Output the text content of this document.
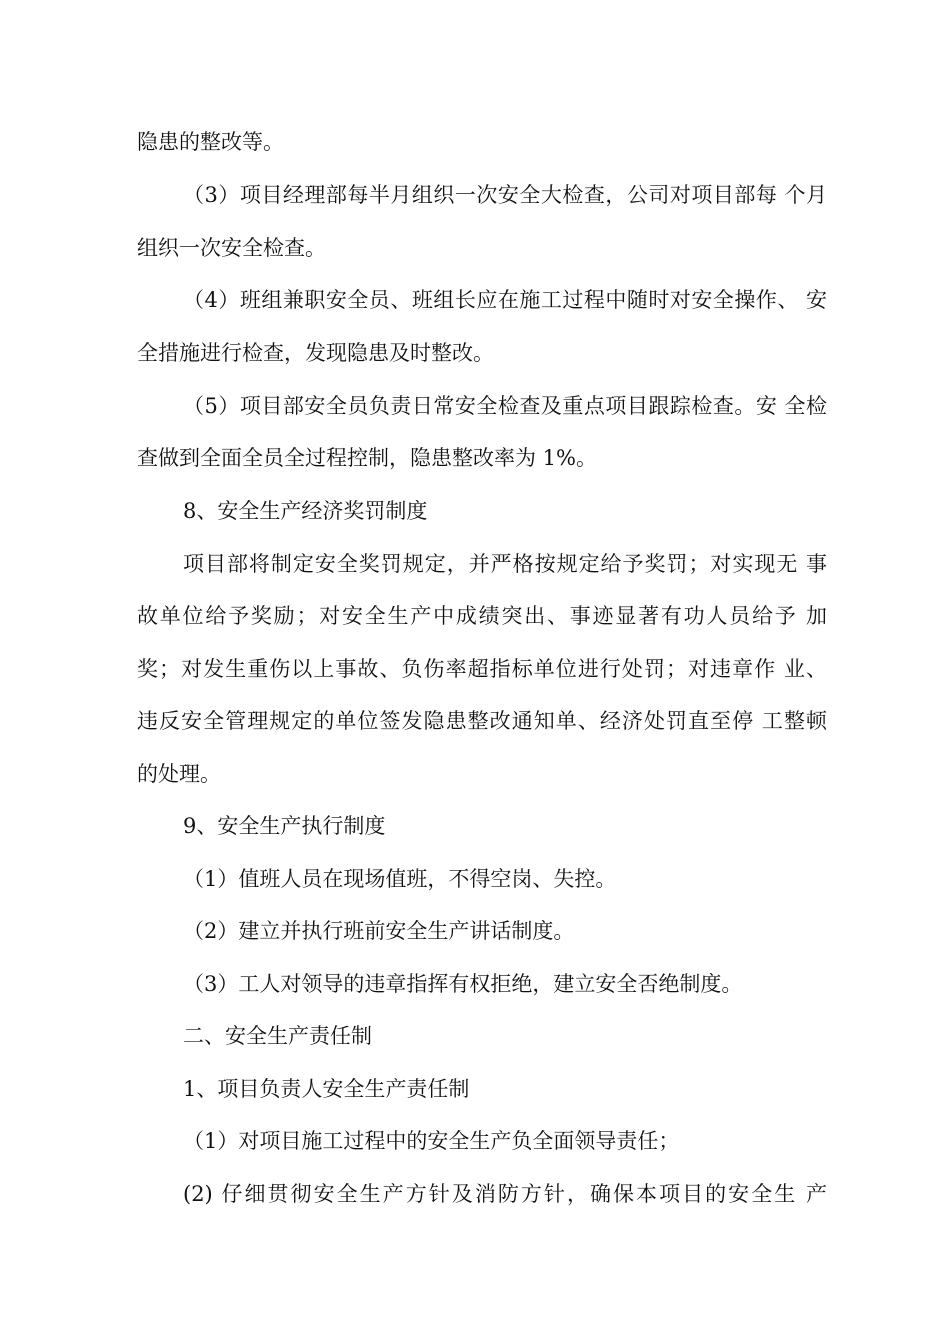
隐患的整改等。
（3）项目经理部每半月组织一次安全大检查，公司对项目部每 个月
组织一次安全检查。
（4）班组兼职安全员、班组长应在施工过程中随时对安全操作、 安
全措施进行检查，发现隐患及时整改。
（5）项目部安全员负责日常安全检查及重点项目跟踪检查。安 全检
查做到全面全员全过程控制，隐患整改率为 1%。
8、安全生产经济奖罚制度
项目部将制定安全奖罚规定，并严格按规定给予奖罚；对实现无 事
故单位给予奖励；对安全生产中成绩突出、事迹显著有功人员给予 加
奖；对发生重伤以上事故、负伤率超指标单位进行处罚；对违章作 业、
违反安全管理规定的单位签发隐患整改通知单、经济处罚直至停 工整顿
的处理。
9、安全生产执行制度
（1）值班人员在现场值班，不得空岗、失控。
（2）建立并执行班前安全生产讲话制度。
（3）工人对领导的违章指挥有权拒绝，建立安全否绝制度。
二、安全生产责任制
1、项目负责人安全生产责任制
（1）对项目施工过程中的安全生产负全面领导责任；
(2) 仔细贯彻安全生产方针及消防方针，确保本项目的安全生 产
